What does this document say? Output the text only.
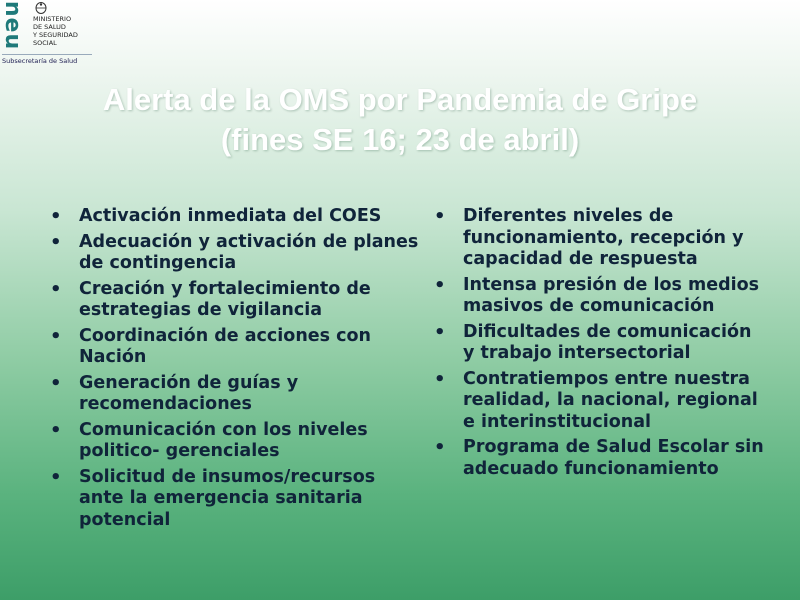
neu MINISTERIO
DE SALUD
Y SEGURIDAD
SOCIAL
Subsecretaría de Salud
Alerta de la OMS por Pandemia de Gripe
(fines SE 16; 23 de abril)
• Activación inmediata del COES
• Adecuación y activación de planes de contingencia
• Creación y fortalecimiento de estrategias de vigilancia
• Coordinación de acciones con Nación
• Generación de guías y recomendaciones
• Comunicación con los niveles politico- gerenciales
• Solicitud de insumos/recursos ante la emergencia sanitaria potencial
• Diferentes niveles de funcionamiento, recepción y capacidad de respuesta
• Intensa presión de los medios masivos de comunicación
• Dificultades de comunicación y trabajo intersectorial
• Contratiempos entre nuestra realidad, la nacional, regional e interinstitucional
• Programa de Salud Escolar sin adecuado funcionamiento
